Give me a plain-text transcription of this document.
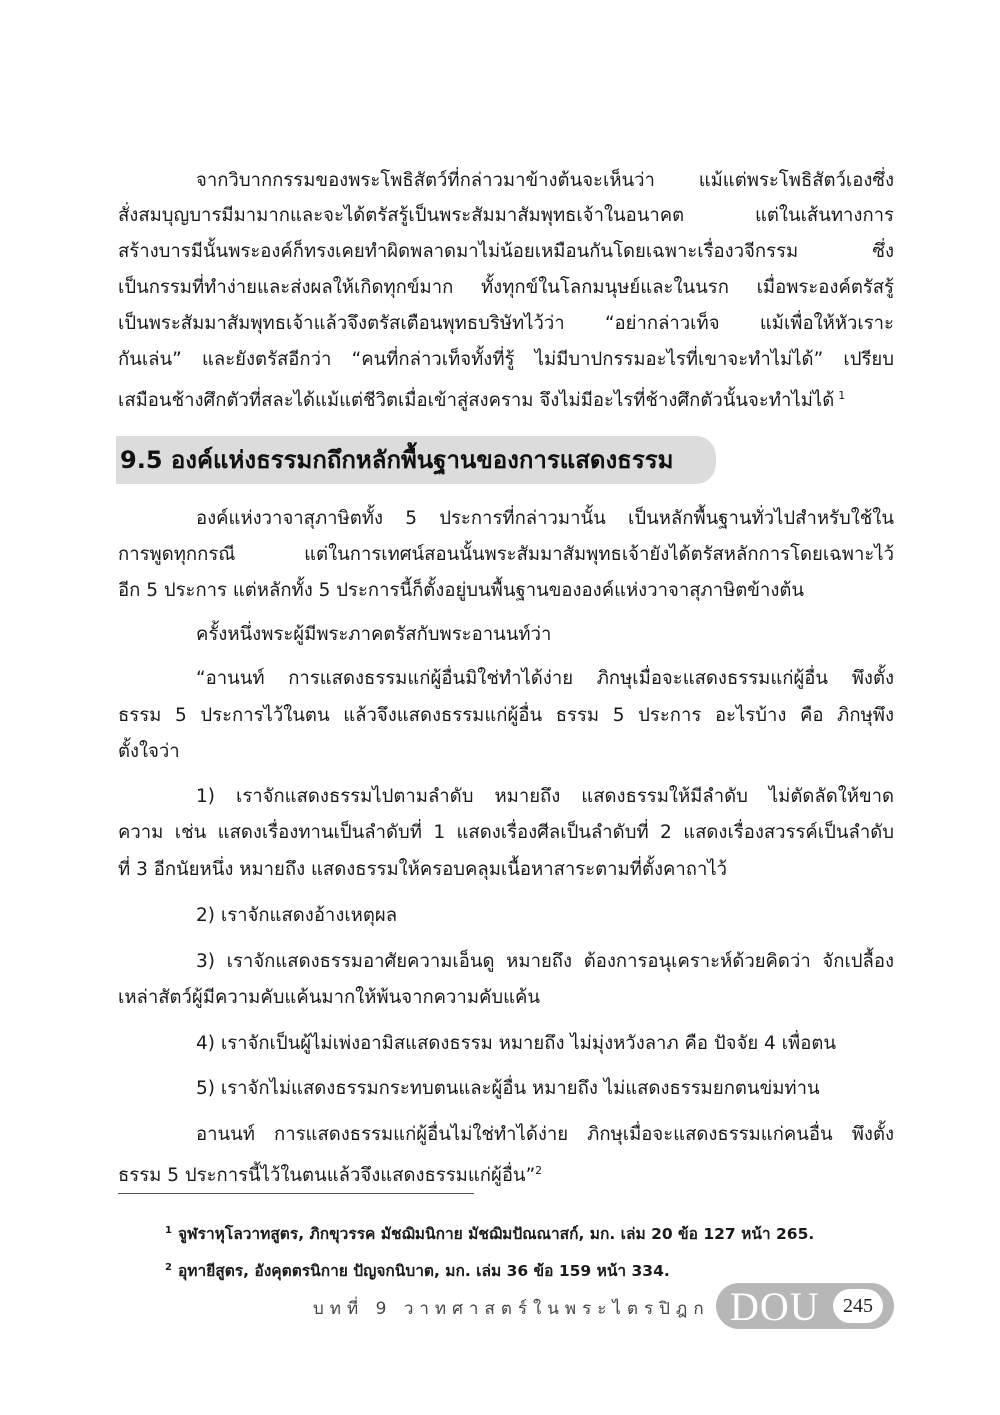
จากวิบากกรรมของพระโพธิสัตว์ที่กล่าวมาข้างต้นจะเห็นว่า แม้แต่พระโพธิสัตว์เองซึ่ง
สั่งสมบุญบารมีมามากและจะได้ตรัสรู้เป็นพระสัมมาสัมพุทธเจ้าในอนาคต แต่ในเส้นทางการ
สร้างบารมีนั้นพระองค์ก็ทรงเคยทำผิดพลาดมาไม่น้อยเหมือนกันโดยเฉพาะเรื่องวจีกรรม ซึ่ง
เป็นกรรมที่ทำง่ายและส่งผลให้เกิดทุกข์มาก ทั้งทุกข์ในโลกมนุษย์และในนรก เมื่อพระองค์ตรัสรู้
เป็นพระสัมมาสัมพุทธเจ้าแล้วจึงตรัสเตือนพุทธบริษัทไว้ว่า “อย่ากล่าวเท็จ แม้เพื่อให้หัวเราะ
กันเล่น” และยังตรัสอีกว่า “คนที่กล่าวเท็จทั้งที่รู้ ไม่มีบาปกรรมอะไรที่เขาจะทำไม่ได้” เปรียบ
เสมือนช้างศึกตัวที่สละได้แม้แต่ชีวิตเมื่อเข้าสู่สงคราม จึงไม่มีอะไรที่ช้างศึกตัวนั้นจะทำไม่ได้ $^1$
9.5 องค์แห่งธรรมกถึกหลักพื้นฐานของการแสดงธรรม
องค์แห่งวาจาสุภาษิตทั้ง 5 ประการที่กล่าวมานั้น เป็นหลักพื้นฐานทั่วไปสำหรับใช้ใน
การพูดทุกกรณี แต่ในการเทศน์สอนนั้นพระสัมมาสัมพุทธเจ้ายังได้ตรัสหลักการโดยเฉพาะไว้
อีก 5 ประการ แต่หลักทั้ง 5 ประการนี้ก็ตั้งอยู่บนพื้นฐานขององค์แห่งวาจาสุภาษิตข้างต้น
ครั้งหนึ่งพระผู้มีพระภาคตรัสกับพระอานนท์ว่า
“อานนท์ การแสดงธรรมแก่ผู้อื่นมิใช่ทำได้ง่าย ภิกษุเมื่อจะแสดงธรรมแก่ผู้อื่น พึงตั้ง
ธรรม 5 ประการไว้ในตน แล้วจึงแสดงธรรมแก่ผู้อื่น ธรรม 5 ประการ อะไรบ้าง คือ ภิกษุพึง
ตั้งใจว่า
1) เราจักแสดงธรรมไปตามลำดับ หมายถึง แสดงธรรมให้มีลำดับ ไม่ตัดลัดให้ขาด
ความ เช่น แสดงเรื่องทานเป็นลำดับที่ 1 แสดงเรื่องศีลเป็นลำดับที่ 2 แสดงเรื่องสวรรค์เป็นลำดับ
ที่ 3 อีกนัยหนึ่ง หมายถึง แสดงธรรมให้ครอบคลุมเนื้อหาสาระตามที่ตั้งคาถาไว้
2) เราจักแสดงอ้างเหตุผล
3) เราจักแสดงธรรมอาศัยความเอ็นดู หมายถึง ต้องการอนุเคราะห์ด้วยคิดว่า จักเปลื้อง
เหล่าสัตว์ผู้มีความคับแค้นมากให้พ้นจากความคับแค้น
4) เราจักเป็นผู้ไม่เพ่งอามิสแสดงธรรม หมายถึง ไม่มุ่งหวังลาภ คือ ปัจจัย 4 เพื่อตน
5) เราจักไม่แสดงธรรมกระทบตนและผู้อื่น หมายถึง ไม่แสดงธรรมยกตนข่มท่าน
อานนท์ การแสดงธรรมแก่ผู้อื่นไม่ใช่ทำได้ง่าย ภิกษุเมื่อจะแสดงธรรมแก่คนอื่น พึงตั้ง
ธรรม 5 ประการนี้ไว้ในตนแล้วจึงแสดงธรรมแก่ผู้อื่น”$^2$
$^1$ จูฬราหุโลวาทสูตร, ภิกขุวรรค มัชฌิมนิกาย มัชฌิมปัณณาสก์, มก. เล่ม 20 ข้อ 127 หน้า 265.
$^2$ อุทายีสูตร, อังคุตตรนิกาย ปัญจกนิบาต, มก. เล่ม 36 ข้อ 159 หน้า 334.
บทที่ 9 วาทศาสตร์ในพระไตรปิฎก DOU	245
